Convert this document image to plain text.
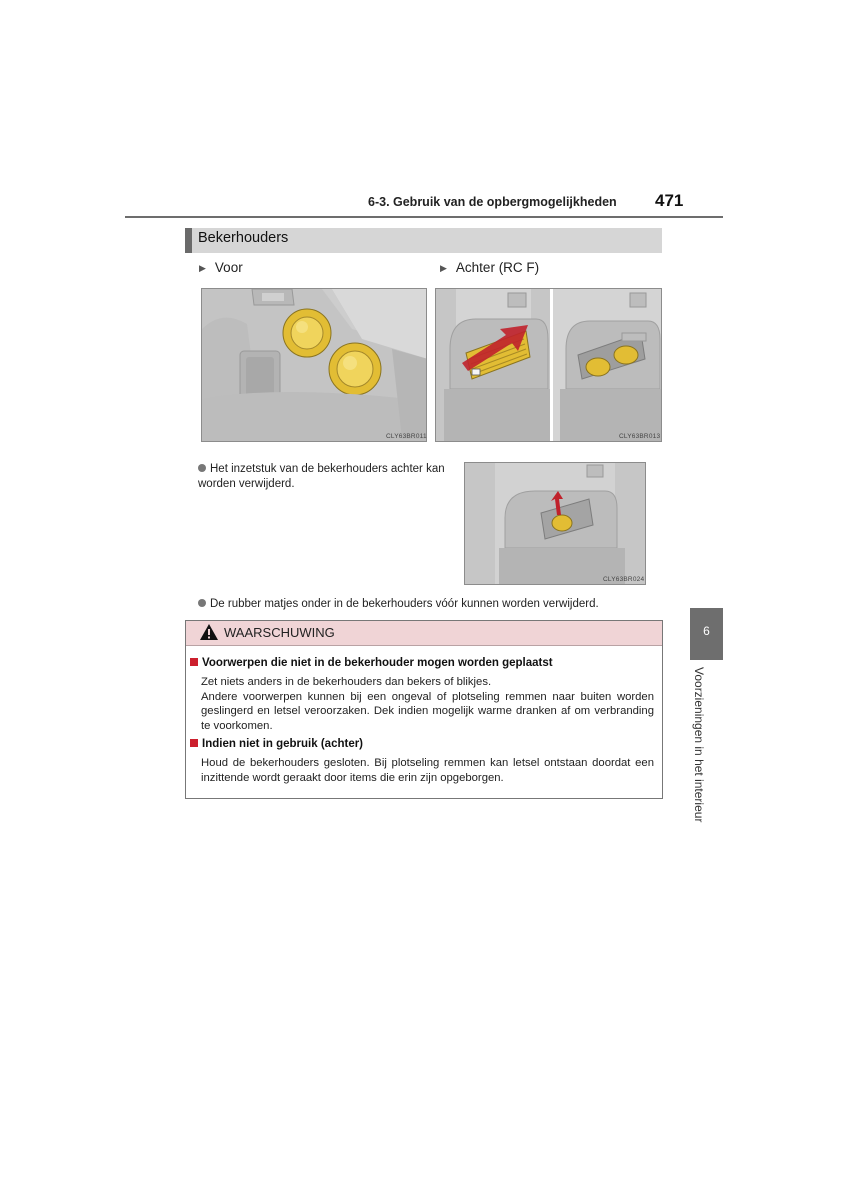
6-3. Gebruik van de opbergmogelijkheden 471
Bekerhouders
▶ Voor	▶ Achter (RC F)
CLY63BR011	CLY63BR013
Het inzetstuk van de bekerhouders achter kan worden verwijderd.
CLY63BR024
De rubber matjes onder in de bekerhouders vóór kunnen worden verwijderd.
WAARSCHUWING
Voorwerpen die niet in de bekerhouder mogen worden geplaatst
Zet niets anders in de bekerhouders dan bekers of blikjes.
Andere voorwerpen kunnen bij een ongeval of plotseling remmen naar buiten worden geslingerd en letsel veroorzaken. Dek indien mogelijk warme dranken af om verbranding te voorkomen.
Indien niet in gebruik (achter)
Houd de bekerhouders gesloten. Bij plotseling remmen kan letsel ontstaan doordat een inzittende wordt geraakt door items die erin zijn opgeborgen.
6
Voorzieningen in het interieur
